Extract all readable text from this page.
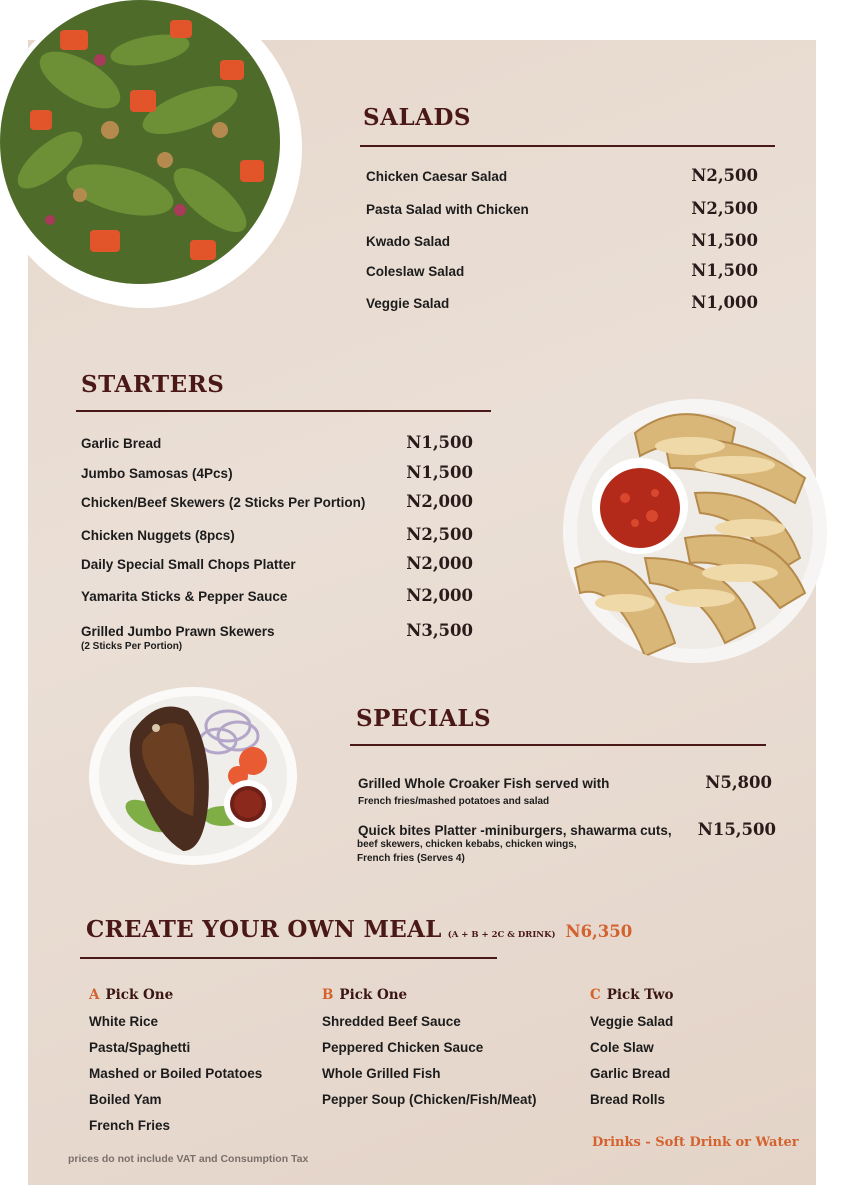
SALADS
Chicken Caesar Salad	N2,500
Pasta Salad with Chicken	N2,500
Kwado Salad	N1,500
Coleslaw Salad	N1,500
Veggie Salad	N1,000
STARTERS
Garlic Bread	N1,500
Jumbo Samosas (4Pcs)	N1,500
Chicken/Beef Skewers (2 Sticks Per Portion) N2,000
Chicken Nuggets (8pcs)	N2,500
Daily Special Small Chops Platter	N2,000
Yamarita Sticks & Pepper Sauce	N2,000
Grilled Jumbo Prawn Skewers	N3,500
(2 Sticks Per Portion)
SPECIALS
Grilled Whole Croaker Fish served with	N5,800
French fries/mashed potatoes and salad
Quick bites Platter -miniburgers, shawarma cuts, N15,500
beef skewers, chicken kebabs, chicken wings,
French fries (Serves 4)
CREATE YOUR OWN MEAL (A + B + 2C & DRINK) N6,350
A Pick One
White Rice
Pasta/Spaghetti
Mashed or Boiled Potatoes
Boiled Yam
French Fries
B Pick One
Shredded Beef Sauce
Peppered Chicken Sauce
Whole Grilled Fish
Pepper Soup (Chicken/Fish/Meat)
C Pick Two
Veggie Salad
Cole Slaw
Garlic Bread
Bread Rolls
Drinks - Soft Drink or Water
prices do not include VAT and Consumption Tax
